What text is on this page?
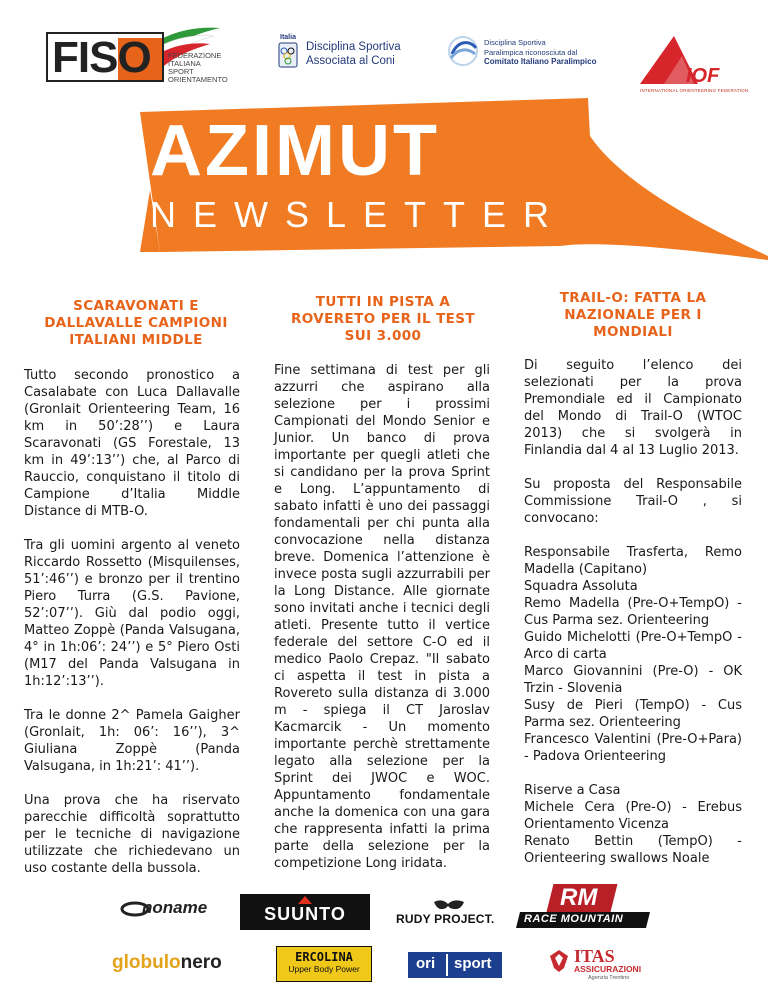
FISO FEDERAZIONE
ITALIANA
SPORT
ORIENTAMENTO
Italia
Disciplina Sportiva
Associata al Coni
Disciplina Sportiva
Paralimpica riconosciuta dal
Comitato Italiano Paralimpico
IOF
INTERNATIONAL ORIENTEERING FEDERATION
AZIMUT
NEWSLETTER
SCARAVONATI E
DALLAVALLE CAMPIONI
ITALIANI MIDDLE

Tutto secondo pronostico a Casalabate con Luca Dallavalle (Gronlait Orienteering Team, 16 km in 50’:28’’) e Laura Scaravonati (GS Forestale, 13 km in 49’:13’’) che, al Parco di Rauccio, conquistano il titolo di Campione d’Italia Middle Distance di MTB-O.

Tra gli uomini argento al veneto Riccardo Rossetto (Misquilenses, 51’:46’’) e bronzo per il trentino Piero Turra (G.S. Pavione, 52’:07’’). Giù dal podio oggi, Matteo Zoppè (Panda Valsugana, 4° in 1h:06’: 24’’) e 5° Piero Osti (M17 del Panda Valsugana in 1h:12’:13’’).

Tra le donne 2^ Pamela Gaigher (Gronlait, 1h: 06’: 16’’), 3^ Giuliana Zoppè (Panda Valsugana, in 1h:21’: 41’’).

Una prova che ha riservato parecchie difficoltà soprattutto per le tecniche di navigazione utilizzate che richiedevano un uso costante della bussola.

TUTTI IN PISTA A
ROVERETO PER IL TEST
SUI 3.000

Fine settimana di test per gli azzurri che aspirano alla selezione per i prossimi Campionati del Mondo Senior e Junior. Un banco di prova importante per quegli atleti che si candidano per la prova Sprint e Long. L’appuntamento di sabato infatti è uno dei passaggi fondamentali per chi punta alla convocazione nella distanza breve. Domenica l’attenzione è invece posta sugli azzurrabili per la Long Distance. Alle giornate sono invitati anche i tecnici degli atleti. Presente tutto il vertice federale del settore C-O ed il medico Paolo Crepaz. "Il sabato ci aspetta il test in pista a Rovereto sulla distanza di 3.000 m - spiega il CT Jaroslav Kacmarcik - Un momento importante perchè strettamente legato alla selezione per la Sprint dei JWOC e WOC. Appuntamento fondamentale anche la domenica con una gara che rappresenta infatti la prima parte della selezione per la competizione Long iridata.

TRAIL-O: FATTA LA
NAZIONALE PER I
MONDIALI

Di seguito l’elenco dei selezionati per la prova Premondiale ed il Campionato del Mondo di Trail-O (WTOC 2013) che si svolgerà in Finlandia dal 4 al 13 Luglio 2013.

Su proposta del Responsabile Commissione Trail-O , si convocano:

Responsabile Trasferta, Remo Madella (Capitano)

Squadra Assoluta

Remo Madella (Pre-O+TempO) - Cus Parma sez. Orienteering

Guido Michelotti (Pre-O+TempO - Arco di carta

Marco Giovannini (Pre-O) - OK Trzin - Slovenia

Susy de Pieri (TempO) - Cus Parma sez. Orienteering

Francesco Valentini (Pre-O+Para) - Padova Orienteering

Riserve a Casa

Michele Cera (Pre-O) - Erebus Orientamento Vicenza

Renato Bettin (TempO) - Orienteering swallows Noale

noname	SUUNTO	RUDY PROJECT.
RM
RACE MOUNTAIN
globulonero	ERCOLINA
Upper Body Power	ori sport	ITAS
ASSICURAZIONI
Agenzia Trentino
